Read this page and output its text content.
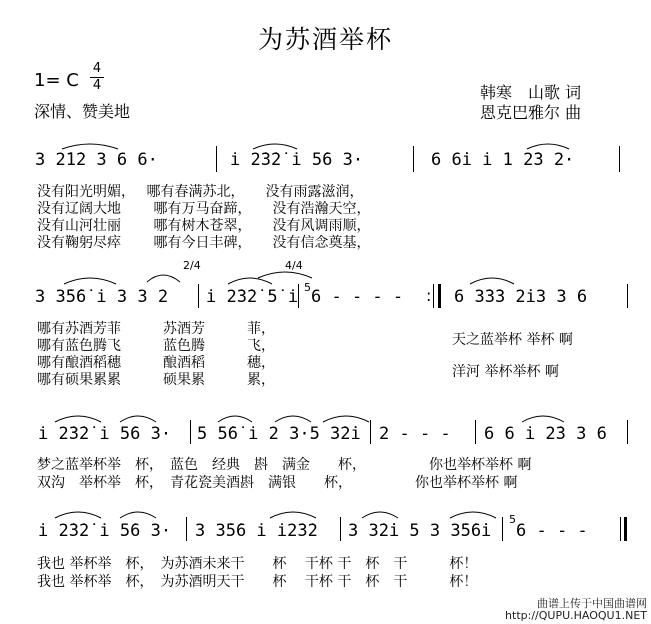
为苏酒举杯
1= C
4
4
深情、赞美地
韩寒　山歌 词
恩克巴雅尔 曲
3 2̇1̇2 3 6 6·	i̇ 2̇3̇2̇ i̇ 5̇6 3·	6 6̇i̇ i̇ 1 2̇3 2·
没有阳光明媚，　 哪有春满苏北，　　没有雨露滋润，
没有辽阔大地　　 哪有万马奋蹄，　　没有浩瀚天空，
没有山河壮丽　　 哪有树木苍翠，　　没有风调雨顺，
没有鞠躬尽瘁　　 哪有今日丰碑，　　没有信念奠基，
2/4	4/4
3 3̇5̇6̇ i̇ 3 3 2 i̇ 2̇3̇2̇ 5̇ i̇ 5 6 - - - - : 6 3̇3̇3 2̇i̇3 3 6
哪有苏酒芳菲　　　苏酒芳　　　菲，
哪有蓝色腾飞　　　蓝色腾　　　飞，
哪有酿酒稻穗　　　酿酒稻　　　穗，
哪有硕果累累　　　硕果累　　　累，
天之蓝举杯 举杯 啊
洋河 举杯举杯 啊
i̇ 2̇3̇2̇ i̇ 5̇6 3· 5 5̇6̇ i̇ 2 3·5 3̇2̇i̇ 2 - - - 6 6 i̇ 2̇3 3 6
梦之蓝举杯举　杯，　蓝色　经典　斟　满金　　杯，　　　　　你也举杯举杯 啊
双沟　举杯举　杯，　青花瓷美酒斟　满银　　杯，　　　　　你也举杯举杯 啊
i̇ 2̇3̇2̇ i̇ 5̇6 3· 3 3̇5̇6 i̇ i̇2̇3̇2 3 3̇2̇i̇ 5 3 3̇5̇6̇i̇
5
6 - - -
我也 举杯举　杯，　为苏酒未来干　　杯　 干杯 干　杯　干　　　杯！
我也 举杯举　杯，　为苏酒明天干　　杯　 干杯 干　杯　干　　　杯！
曲谱上传于中国曲谱网
http://QUPU.HAOQU1.NET
